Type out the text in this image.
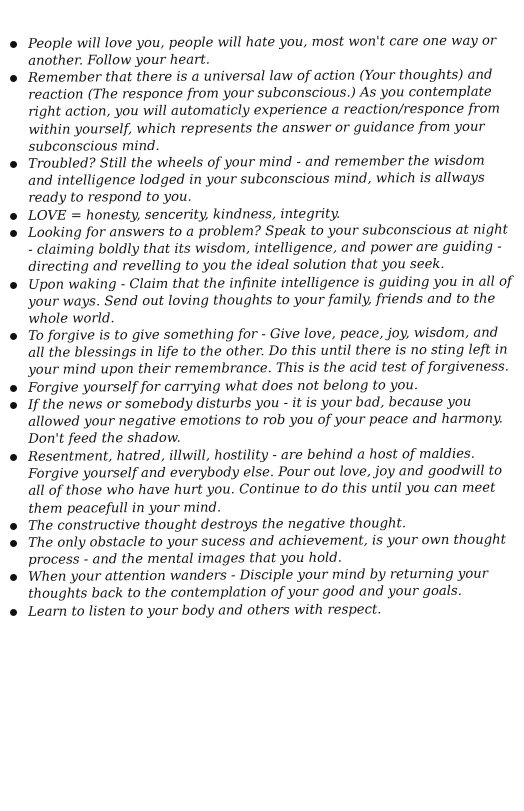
People will love you, people will hate you, most won't care one way or another. Follow your heart.
Remember that there is a universal law of action (Your thoughts) and reaction (The responce from your subconscious.) As you contemplate right action, you will automaticly experience a reaction/responce from within yourself, which represents the answer or guidance from your subconscious mind.
Troubled? Still the wheels of your mind - and remember the wisdom and intelligence lodged in your subconscious mind, which is allways ready to respond to you.
LOVE = honesty, sencerity, kindness, integrity.
Looking for answers to a problem? Speak to your subconscious at night - claiming boldly that its wisdom, intelligence, and power are guiding - directing and revelling to you the ideal solution that you seek.
Upon waking - Claim that the infinite intelligence is guiding you in all of your ways. Send out loving thoughts to your family, friends and to the whole world.
To forgive is to give something for - Give love, peace, joy, wisdom, and all the blessings in life to the other. Do this until there is no sting left in your mind upon their remembrance. This is the acid test of forgiveness.
Forgive yourself for carrying what does not belong to you.
If the news or somebody disturbs you - it is your bad, because you allowed your negative emotions to rob you of your peace and harmony. Don't feed the shadow.
Resentment, hatred, illwill, hostility - are behind a host of maldies. Forgive yourself and everybody else. Pour out love, joy and goodwill to all of those who have hurt you. Continue to do this until you can meet them peacefull in your mind.
The constructive thought destroys the negative thought.
The only obstacle to your sucess and achievement, is your own thought process - and the mental images that you hold.
When your attention wanders - Disciple your mind by returning your thoughts back to the contemplation of your good and your goals.
Learn to listen to your body and others with respect.
